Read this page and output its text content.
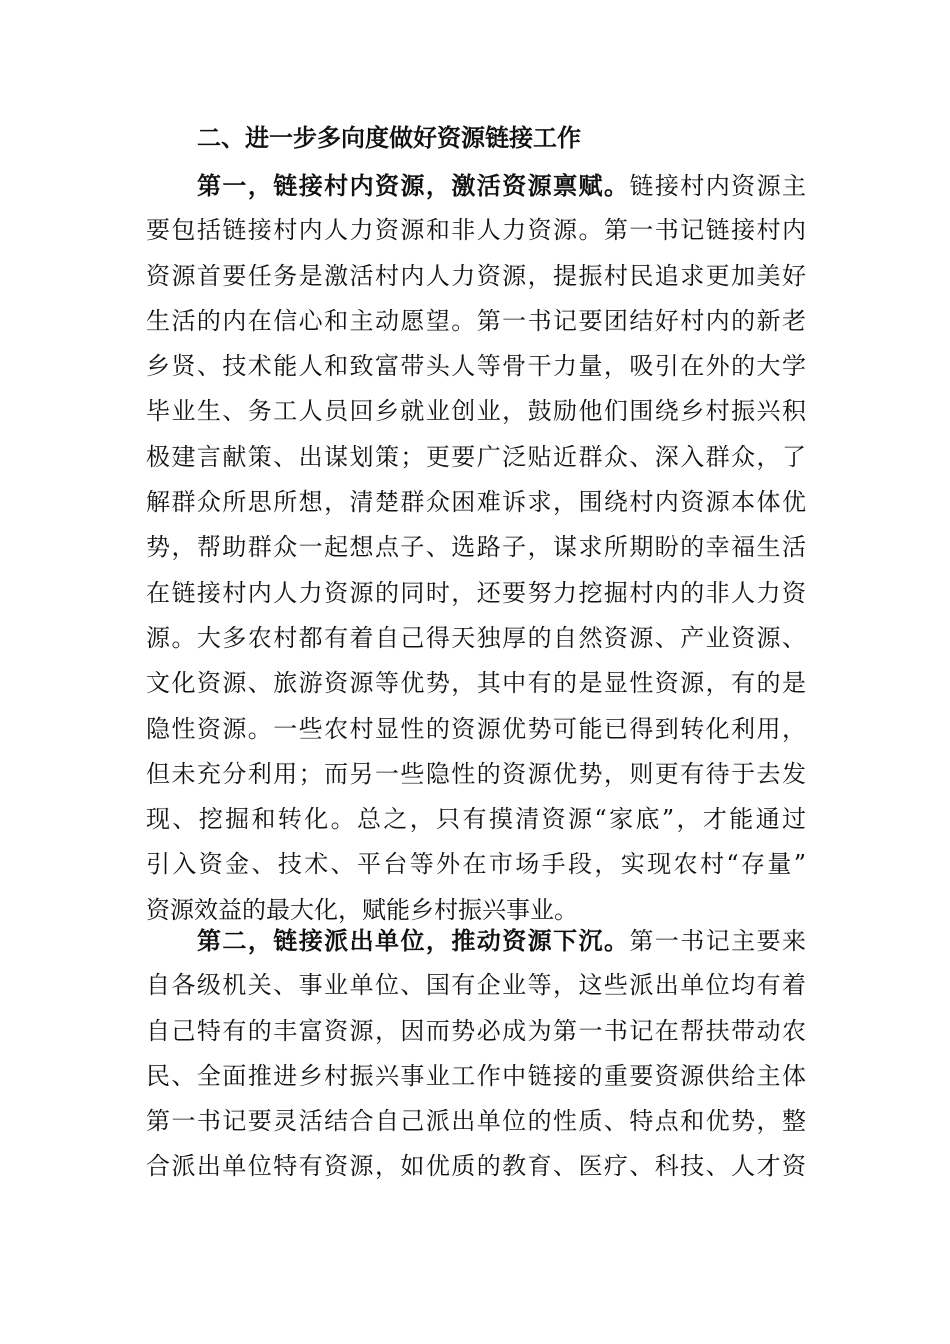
二、进一步多向度做好资源链接工作
第一，链接村内资源，激活资源禀赋。链接村内资源主
要包括链接村内人力资源和非人力资源。第一书记链接村内
资源首要任务是激活村内人力资源，提振村民追求更加美好
生活的内在信心和主动愿望。第一书记要团结好村内的新老
乡贤、技术能人和致富带头人等骨干力量，吸引在外的大学
毕业生、务工人员回乡就业创业，鼓励他们围绕乡村振兴积
极建言献策、出谋划策；更要广泛贴近群众、深入群众，了
解群众所思所想，清楚群众困难诉求，围绕村内资源本体优
势，帮助群众一起想点子、选路子，谋求所期盼的幸福生活
在链接村内人力资源的同时，还要努力挖掘村内的非人力资
源。大多农村都有着自己得天独厚的自然资源、产业资源、
文化资源、旅游资源等优势，其中有的是显性资源，有的是
隐性资源。一些农村显性的资源优势可能已得到转化利用，
但未充分利用；而另一些隐性的资源优势，则更有待于去发
现、挖掘和转化。总之，只有摸清资源“家底”，才能通过
引入资金、技术、平台等外在市场手段，实现农村“存量”
资源效益的最大化，赋能乡村振兴事业。
第二，链接派出单位，推动资源下沉。第一书记主要来
自各级机关、事业单位、国有企业等，这些派出单位均有着
自己特有的丰富资源，因而势必成为第一书记在帮扶带动农
民、全面推进乡村振兴事业工作中链接的重要资源供给主体
第一书记要灵活结合自己派出单位的性质、特点和优势，整
合派出单位特有资源，如优质的教育、医疗、科技、人才资
